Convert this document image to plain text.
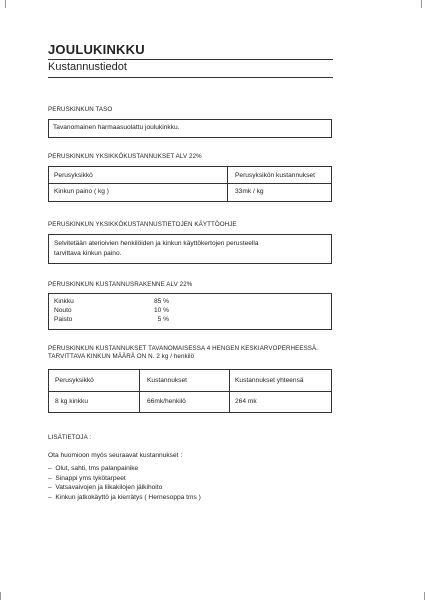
JOULUKINKKU
Kustannustiedot
PERUSKINKUN TASO
Tavanomainen harmaasuolattu joulukinkku.
PERUSKINKUN YKSIKKÖKUSTANNUKSET ALV 22%
Perusyksikkö	Perusyksikön kustannukset
Kinkun paino ( kg )	33mk / kg
PERUSKINKUN YKSIKKÖKUSTANNUSTIETOJEN KÄYTTÖOHJE
Selvitetään aterioivien henkilöiden ja kinkun käyttökertojen perusteella
tarvittava kinkun paino.
PERUSKINKUN KUSTANNUSRAKENNE ALV 22%
Kinkku	85 %
Nouto	10 %
Paisto	5 %
PERUSKINKUN KUSTANNUKSET TAVANOMAISESSA 4 HENGEN KESKIARVOPERHEESSÄ.
TARVITTAVA KINKUN MÄÄRÄ ON N. 2 kg / henkilö
Perusyksikkö	Kustannukset	Kustannukset yhteensä
8 kg kinkku	66mk/henkilö	264 mk
LISÄTIETOJA :
Ota huomioon myös seuraavat kustannukset :
–  Olut, sahti, tms palanpainike
–  Sinappi yms tykötarpeet
–  Vatsavaivojen ja liikakilojen jälkihoito
–  Kinkun jatkokäyttö ja kierrätys ( Hernesoppa tms )
